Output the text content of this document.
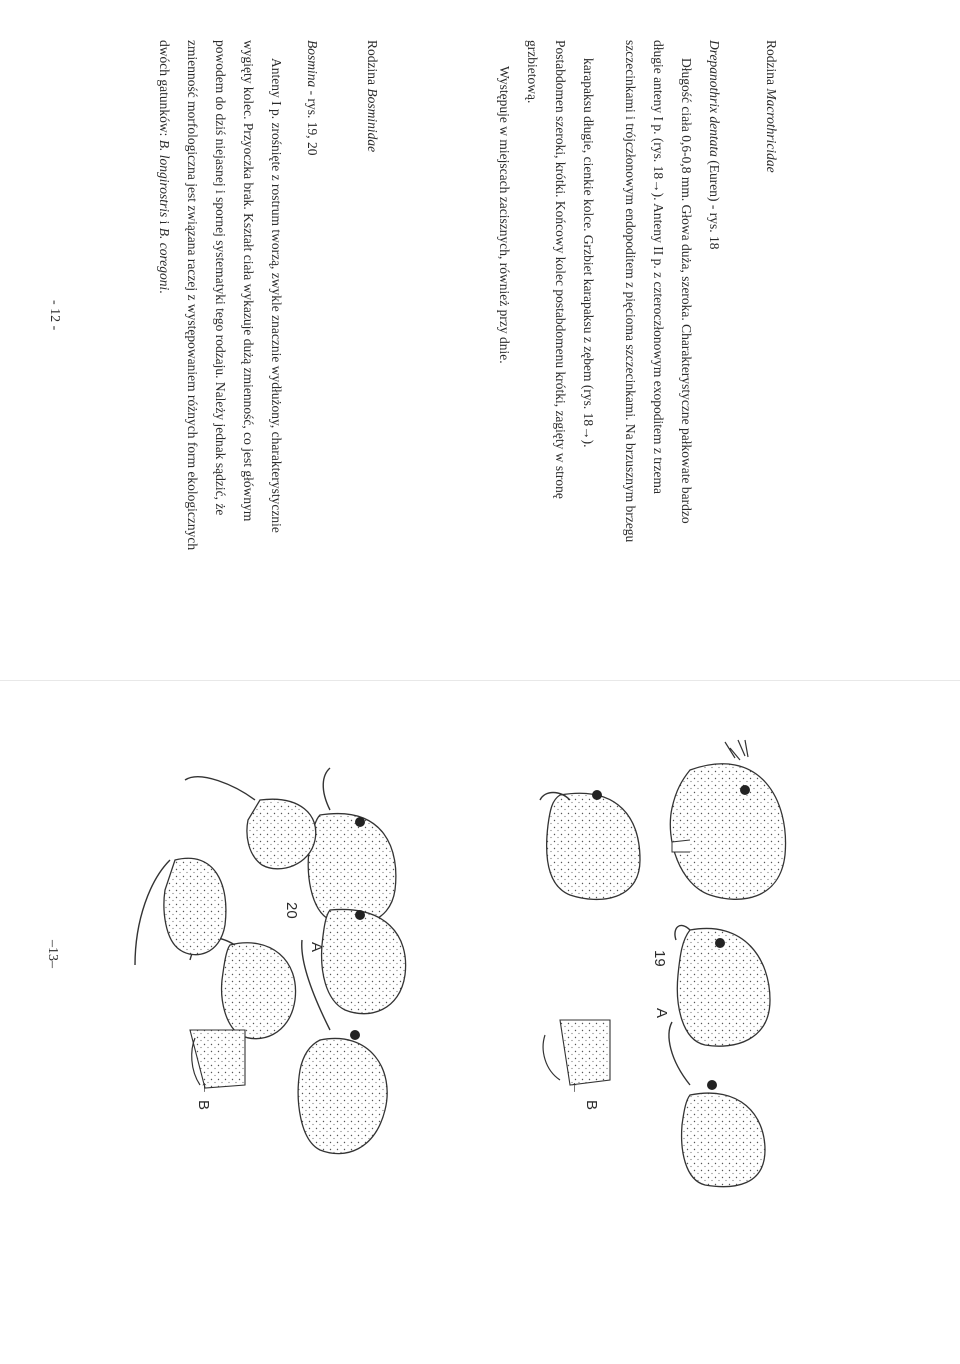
Rodzina Macrothricidae
Drepanothrix dentata (Euren) - rys. 18
Długość ciała 0,6-0,8 mm. Głowa duża, szeroka. Charakterystyczne pałkowate bardzo
długie anteny I p. (rys. 18→). Anteny II p. z czteroczłonowym exopoditem z trzema
szczecinkami i trójczłonowym endopoditem z pięcioma szczecinkami. Na brzusznym brzegu
karapaksu długie, cienkie kolce. Grzbiet karapaksu z zębem (rys. 18→).
Postabdomen szeroki, krótki. Końcowy kolec postabdomenu krótki, zagięty w stronę
grzbietową.
Występuje w miejscach zacisznych, również przy dnie.
Rodzina Bosminidae
Bosmina - rys. 19, 20
Anteny I p. zrośnięte z rostrum tworzą, zwykle znacznie wydłużony, charakterystycznie
wygięty kolec. Przyoczka brak. Kształt ciała wykazuje dużą zmienność, co jest głównym
powodem do dziś niejasnej i spornej systematyki tego rodzaju. Należy jednak sądzić, że
zmienność morfologiczna jest związana raczej z występowaniem różnych form ekologicznych
dwóch gatunków: B. longirostris i B. coregoni.
- 12 -
19
20
A
B
A
B
←
←
–13–
